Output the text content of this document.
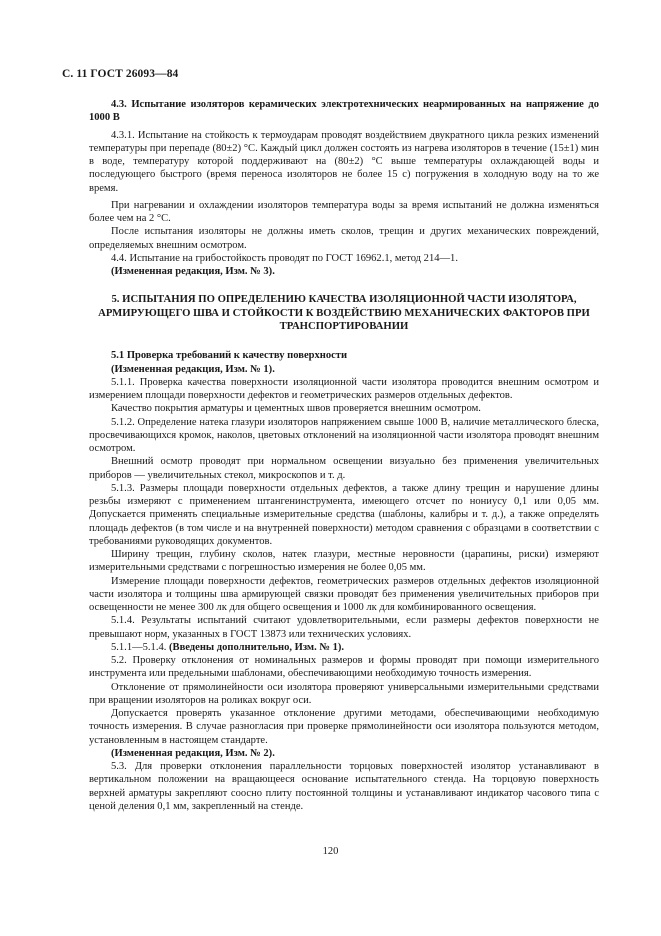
С. 11 ГОСТ 26093—84

4.3. Испытание изоляторов керамических электротехнических неармированных на напряжение до 1000 В

4.3.1. Испытание на стойкость к термоударам проводят воздействием двукратного цикла резких изменений температуры при перепаде (80±2) °С. Каждый цикл должен состоять из нагрева изоляторов в течение (15±1) мин в воде, температуру которой поддерживают на (80±2) °С выше температуры охлаждающей воды и последующего быстрого (время переноса изоляторов не более 15 с) погружения в холодную воду на то же время.

При нагревании и охлаждении изоляторов температура воды за время испытаний не должна изменяться более чем на 2 °С.

После испытания изоляторы не должны иметь сколов, трещин и других механических повреждений, определяемых внешним осмотром.

4.4. Испытание на грибостойкость проводят по ГОСТ 16962.1, метод 214—1.

(Измененная редакция, Изм. № 3).

5. ИСПЫТАНИЯ ПО ОПРЕДЕЛЕНИЮ КАЧЕСТВА ИЗОЛЯЦИОННОЙ ЧАСТИ ИЗОЛЯТОРА, АРМИРУЮЩЕГО ШВА И СТОЙКОСТИ К ВОЗДЕЙСТВИЮ МЕХАНИЧЕСКИХ ФАКТОРОВ ПРИ ТРАНСПОРТИРОВАНИИ

5.1 Проверка требований к качеству поверхности

(Измененная редакция, Изм. № 1).

5.1.1. Проверка качества поверхности изоляционной части изолятора проводится внешним осмотром и измерением площади поверхности дефектов и геометрических размеров отдельных дефектов.

Качество покрытия арматуры и цементных швов проверяется внешним осмотром.

5.1.2. Определение натека глазури изоляторов напряжением свыше 1000 В, наличие металлического блеска, просвечивающихся кромок, наколов, цветовых отклонений на изоляционной части изолятора проводят внешним осмотром.

Внешний осмотр проводят при нормальном освещении визуально без применения увеличительных приборов — увеличительных стекол, микроскопов и т. д.

5.1.3. Размеры площади поверхности отдельных дефектов, а также длину трещин и нарушение длины резьбы измеряют с применением штангенинструмента, имеющего отсчет по нониусу 0,1 или 0,05 мм. Допускается применять специальные измерительные средства (шаблоны, калибры и т. д.), а также определять площадь дефектов (в том числе и на внутренней поверхности) методом сравнения с образцами в соответствии с требованиями руководящих документов.

Ширину трещин, глубину сколов, натек глазури, местные неровности (царапины, риски) измеряют измерительными средствами с погрешностью измерения не более 0,05 мм.

Измерение площади поверхности дефектов, геометрических размеров отдельных дефектов изоляционной части изолятора и толщины шва армирующей связки проводят без применения увеличительных приборов при освещенности не менее 300 лк для общего освещения и 1000 лк для комбинированного освещения.

5.1.4. Результаты испытаний считают удовлетворительными, если размеры дефектов поверхности не превышают норм, указанных в ГОСТ 13873 или технических условиях.

5.1.1—5.1.4. (Введены дополнительно, Изм. № 1).

5.2. Проверку отклонения от номинальных размеров и формы проводят при помощи измерительного инструмента или предельными шаблонами, обеспечивающими необходимую точность измерения.

Отклонение от прямолинейности оси изолятора проверяют универсальными измерительными средствами при вращении изоляторов на роликах вокруг оси.

Допускается проверять указанное отклонение другими методами, обеспечивающими необходимую точность измерения. В случае разногласия при проверке прямолинейности оси изолятора пользуются методом, установленным в настоящем стандарте.

(Измененная редакция, Изм. № 2).

5.3. Для проверки отклонения параллельности торцовых поверхностей изолятор устанавливают в вертикальном положении на вращающееся основание испытательного стенда. На торцовую поверхность верхней арматуры закрепляют соосно плиту постоянной толщины и устанавливают индикатор часового типа с ценой деления 0,1 мм, закрепленный на стенде.

120
